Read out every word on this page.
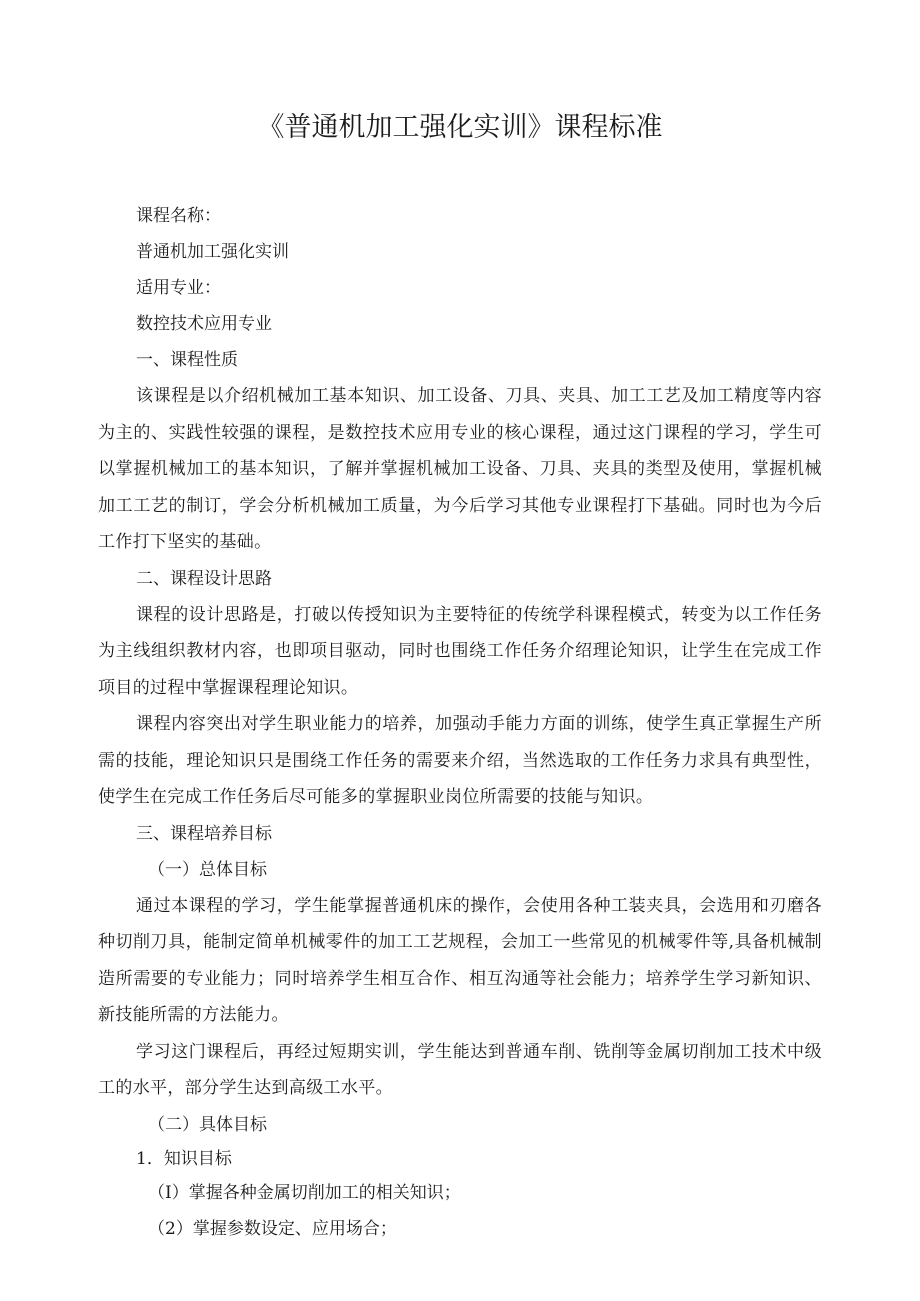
《普通机加工强化实训》课程标准

课程名称：

普通机加工强化实训

适用专业：

数控技术应用专业

一、课程性质

该课程是以介绍机械加工基本知识、加工设备、刀具、夹具、加工工艺及加工精度等内容为主的、实践性较强的课程，是数控技术应用专业的核心课程，通过这门课程的学习，学生可以掌握机械加工的基本知识，了解并掌握机械加工设备、刀具、夹具的类型及使用，掌握机械加工工艺的制订，学会分析机械加工质量，为今后学习其他专业课程打下基础。同时也为今后工作打下坚实的基础。

二、课程设计思路

课程的设计思路是，打破以传授知识为主要特征的传统学科课程模式，转变为以工作任务为主线组织教材内容，也即项目驱动，同时也围绕工作任务介绍理论知识，让学生在完成工作项目的过程中掌握课程理论知识。

课程内容突出对学生职业能力的培养，加强动手能力方面的训练，使学生真正掌握生产所需的技能，理论知识只是围绕工作任务的需要来介绍，当然选取的工作任务力求具有典型性，使学生在完成工作任务后尽可能多的掌握职业岗位所需要的技能与知识。

三、课程培养目标

（一）总体目标

通过本课程的学习，学生能掌握普通机床的操作，会使用各种工装夹具，会选用和刃磨各种切削刀具，能制定简单机械零件的加工工艺规程，会加工一些常见的机械零件等,具备机械制造所需要的专业能力；同时培养学生相互合作、相互沟通等社会能力；培养学生学习新知识、新技能所需的方法能力。

学习这门课程后，再经过短期实训，学生能达到普通车削、铣削等金属切削加工技术中级工的水平，部分学生达到高级工水平。

（二）具体目标

1．知识目标

（I）掌握各种金属切削加工的相关知识；

（2）掌握参数设定、应用场合；
